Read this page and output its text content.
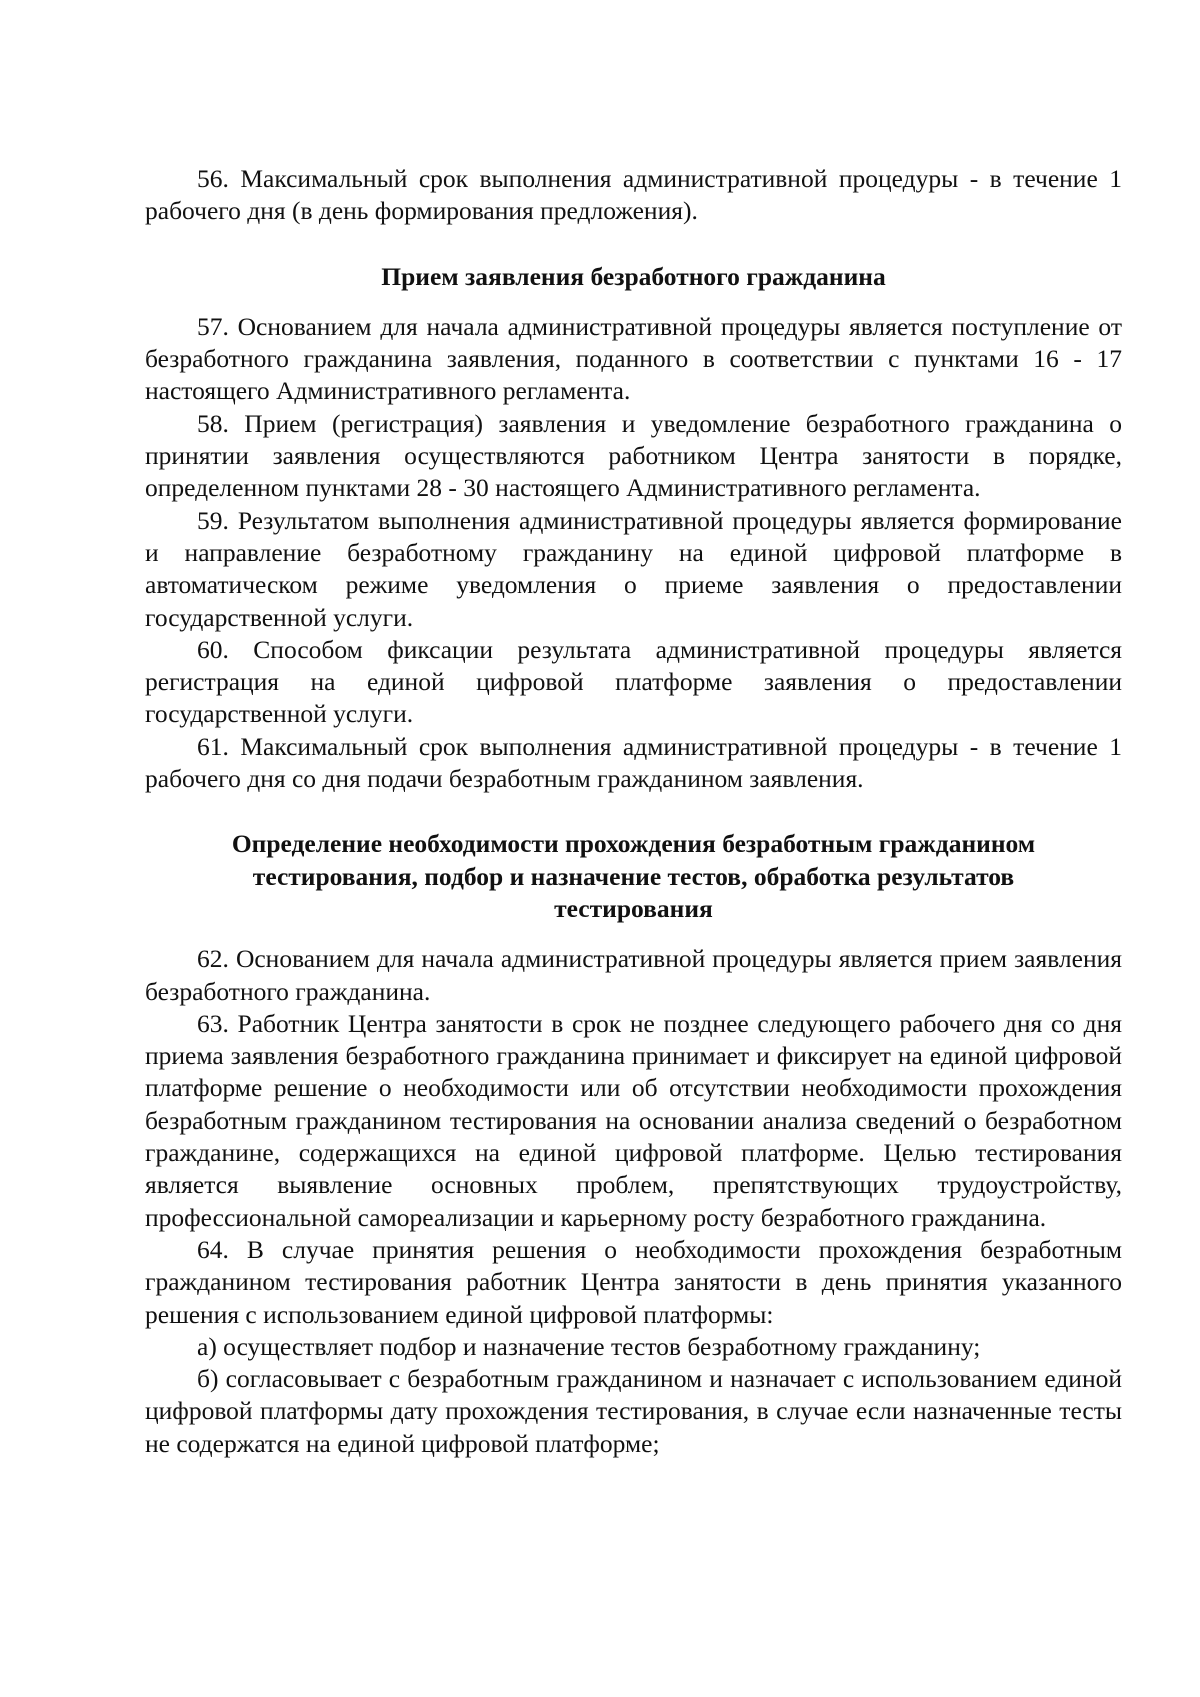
56. Максимальный срок выполнения административной процедуры - в течение 1 рабочего дня (в день формирования предложения).

Прием заявления безработного гражданина

57. Основанием для начала административной процедуры является поступление от безработного гражданина заявления, поданного в соответствии с пунктами 16 - 17 настоящего Административного регламента.

58. Прием (регистрация) заявления и уведомление безработного гражданина о принятии заявления осуществляются работником Центра занятости в порядке, определенном пунктами 28 - 30 настоящего Административного регламента.

59. Результатом выполнения административной процедуры является формирование и направление безработному гражданину на единой цифровой платформе в автоматическом режиме уведомления о приеме заявления о предоставлении государственной услуги.

60. Способом фиксации результата административной процедуры является регистрация на единой цифровой платформе заявления о предоставлении государственной услуги.

61. Максимальный срок выполнения административной процедуры - в течение 1 рабочего дня со дня подачи безработным гражданином заявления.

Определение необходимости прохождения безработным гражданином
тестирования, подбор и назначение тестов, обработка результатов
тестирования

62. Основанием для начала административной процедуры является прием заявления безработного гражданина.

63. Работник Центра занятости в срок не позднее следующего рабочего дня со дня приема заявления безработного гражданина принимает и фиксирует на единой цифровой платформе решение о необходимости или об отсутствии необходимости прохождения безработным гражданином тестирования на основании анализа сведений о безработном гражданине, содержащихся на единой цифровой платформе. Целью тестирования является выявление основных проблем, препятствующих трудоустройству, профессиональной самореализации и карьерному росту безработного гражданина.

64. В случае принятия решения о необходимости прохождения безработным гражданином тестирования работник Центра занятости в день принятия указанного решения с использованием единой цифровой платформы:

а) осуществляет подбор и назначение тестов безработному гражданину;

б) согласовывает с безработным гражданином и назначает с использованием единой цифровой платформы дату прохождения тестирования, в случае если назначенные тесты не содержатся на единой цифровой платформе;
